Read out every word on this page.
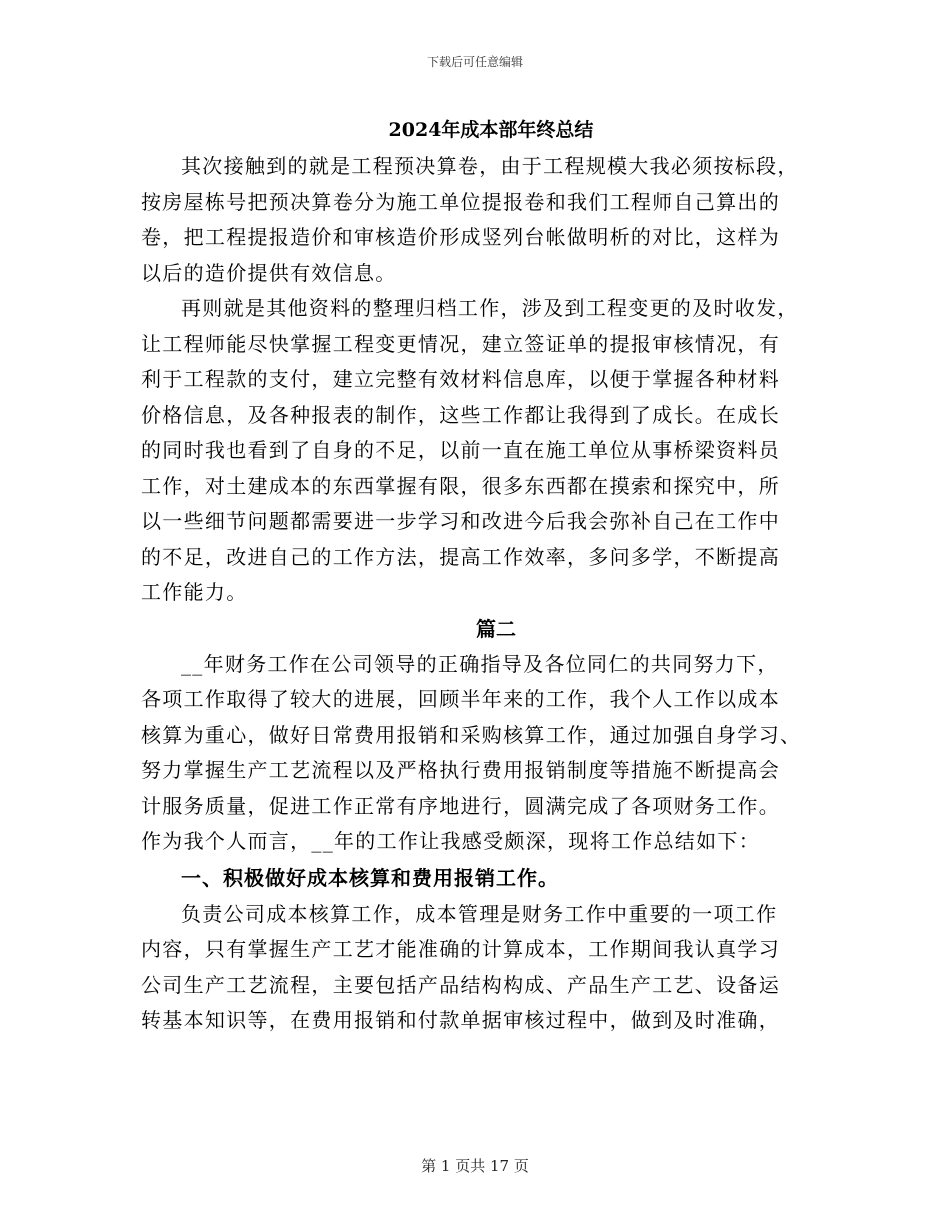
下载后可任意编辑
2024年成本部年终总结

其次接触到的就是工程预决算卷，由于工程规模大我必须按标段，
按房屋栋号把预决算卷分为施工单位提报卷和我们工程师自己算出的
卷，把工程提报造价和审核造价形成竖列台帐做明析的对比，这样为
以后的造价提供有效信息。

再则就是其他资料的整理归档工作，涉及到工程变更的及时收发，
让工程师能尽快掌握工程变更情况，建立签证单的提报审核情况，有
利于工程款的支付，建立完整有效材料信息库，以便于掌握各种材料
价格信息，及各种报表的制作，这些工作都让我得到了成长。在成长
的同时我也看到了自身的不足，以前一直在施工单位从事桥梁资料员
工作，对土建成本的东西掌握有限，很多东西都在摸索和探究中，所
以一些细节问题都需要进一步学习和改进今后我会弥补自己在工作中
的不足，改进自己的工作方法，提高工作效率，多问多学，不断提高
工作能力。

篇二

__年财务工作在公司领导的正确指导及各位同仁的共同努力下，
各项工作取得了较大的进展，回顾半年来的工作，我个人工作以成本
核算为重心，做好日常费用报销和采购核算工作，通过加强自身学习、
努力掌握生产工艺流程以及严格执行费用报销制度等措施不断提高会
计服务质量，促进工作正常有序地进行，圆满完成了各项财务工作。
作为我个人而言，__年的工作让我感受颇深，现将工作总结如下：

一、积极做好成本核算和费用报销工作。

负责公司成本核算工作，成本管理是财务工作中重要的一项工作
内容，只有掌握生产工艺才能准确的计算成本，工作期间我认真学习
公司生产工艺流程，主要包括产品结构构成、产品生产工艺、设备运
转基本知识等，在费用报销和付款单据审核过程中，做到及时准确，

第 1 页共 17 页
